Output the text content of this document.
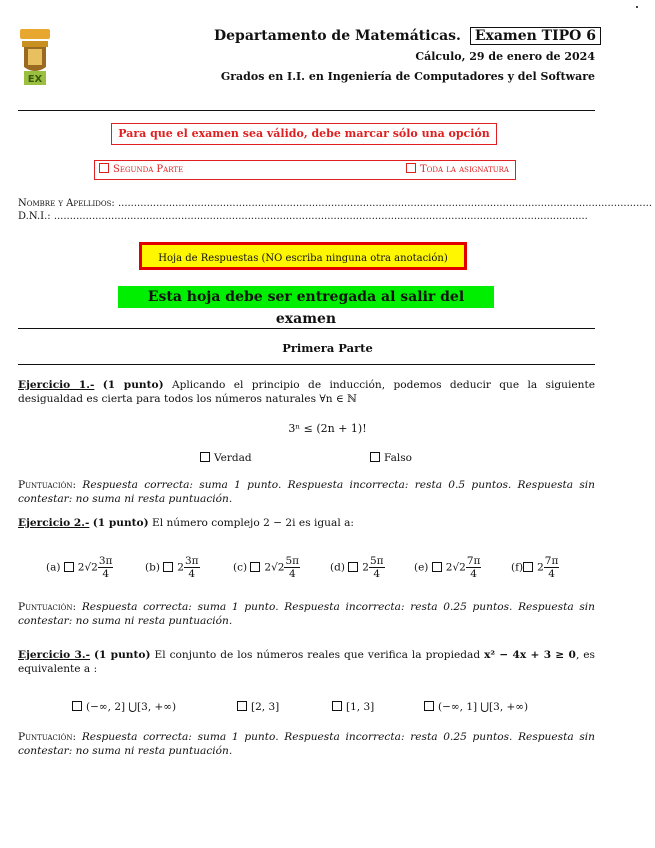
EX
Departamento de Matemáticas. Examen TIPO 6
Cálculo, 29 de enero de 2024
Grados en I.I. en Ingeniería de Computadores y del Software
Para que el examen sea válido, debe marcar sólo una opción
Segunda Parte	Toda la asignatura
Nombre y Apellidos: ........................................................................................................................................................................
D.N.I.: ........................................................................................................................................................................
Hoja de Respuestas (NO escriba ninguna otra anotación)
Esta hoja debe ser entregada al salir del examen
Primera Parte
Ejercicio 1.- (1 punto) Aplicando el principio de inducción, podemos deducir que la siguiente desigualdad es cierta para todos los números naturales ∀n ∈ ℕ
3ⁿ ≤ (2n + 1)!
Verdad	Falso
Puntuación: Respuesta correcta: suma 1 punto. Respuesta incorrecta: resta 0.5 puntos. Respuesta sin contestar: no suma ni resta puntuación.
Ejercicio 2.- (1 punto) El número complejo 2 − 2i es igual a:
(a) $2√2 \frac{3\pi}{4}$	(b) $2 \frac{3\pi}{4}$	(c) $2√2 \frac{5\pi}{4}$	(d) $2 \frac{5\pi}{4}$	(e) $2√2 \frac{7\pi}{4}$	(f) $2 \frac{7\pi}{4}$
Puntuación: Respuesta correcta: suma 1 punto. Respuesta incorrecta: resta 0.25 puntos. Respuesta sin contestar: no suma ni resta puntuación.
Ejercicio 3.- (1 punto) El conjunto de los números reales que verifica la propiedad x² − 4x + 3 ≥ 0, es equivalente a :
(−∞, 2] ⋃[3, +∞)	[2, 3]	[1, 3]	(−∞, 1] ⋃[3, +∞)
Puntuación: Respuesta correcta: suma 1 punto. Respuesta incorrecta: resta 0.25 puntos. Respuesta sin contestar: no suma ni resta puntuación.
